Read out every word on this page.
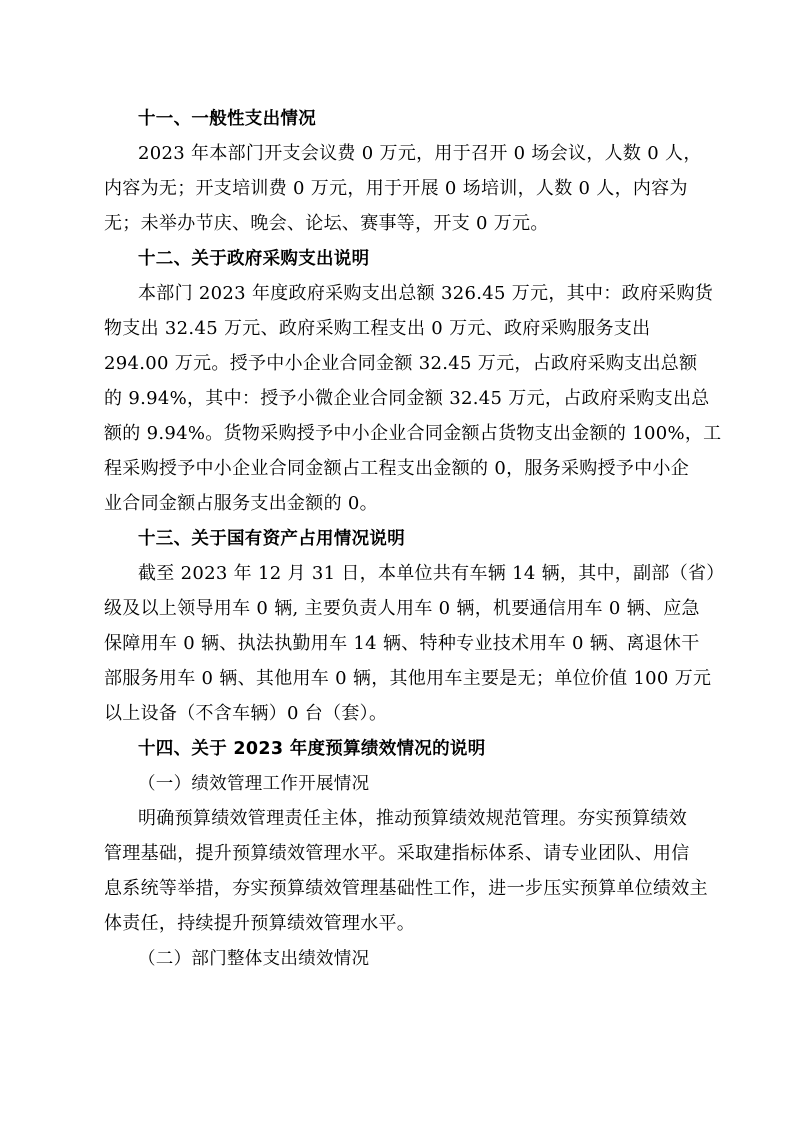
十一、一般性支出情况
2023 年本部门开支会议费 0 万元，用于召开 0 场会议，人数 0 人，
内容为无；开支培训费 0 万元，用于开展 0 场培训，人数 0 人，内容为
无；未举办节庆、晚会、论坛、赛事等，开支 0 万元。
十二、关于政府采购支出说明
本部门 2023 年度政府采购支出总额 326.45 万元，其中：政府采购货
物支出 32.45 万元、政府采购工程支出 0 万元、政府采购服务支出
294.00 万元。授予中小企业合同金额 32.45 万元，占政府采购支出总额
的 9.94%，其中：授予小微企业合同金额 32.45 万元，占政府采购支出总
额的 9.94%。货物采购授予中小企业合同金额占货物支出金额的 100%，工
程采购授予中小企业合同金额占工程支出金额的 0，服务采购授予中小企
业合同金额占服务支出金额的 0。
十三、关于国有资产占用情况说明
截至 2023 年 12 月 31 日，本单位共有车辆 14 辆，其中，副部（省）
级及以上领导用车 0 辆, 主要负责人用车 0 辆，机要通信用车 0 辆、应急
保障用车 0 辆、执法执勤用车 14 辆、特种专业技术用车 0 辆、离退休干
部服务用车 0 辆、其他用车 0 辆，其他用车主要是无；单位价值 100 万元
以上设备（不含车辆）0 台（套）。
十四、关于 2023 年度预算绩效情况的说明
（一）绩效管理工作开展情况
明确预算绩效管理责任主体，推动预算绩效规范管理。夯实预算绩效
管理基础，提升预算绩效管理水平。采取建指标体系、请专业团队、用信
息系统等举措，夯实预算绩效管理基础性工作，进一步压实预算单位绩效主
体责任，持续提升预算绩效管理水平。
（二）部门整体支出绩效情况
